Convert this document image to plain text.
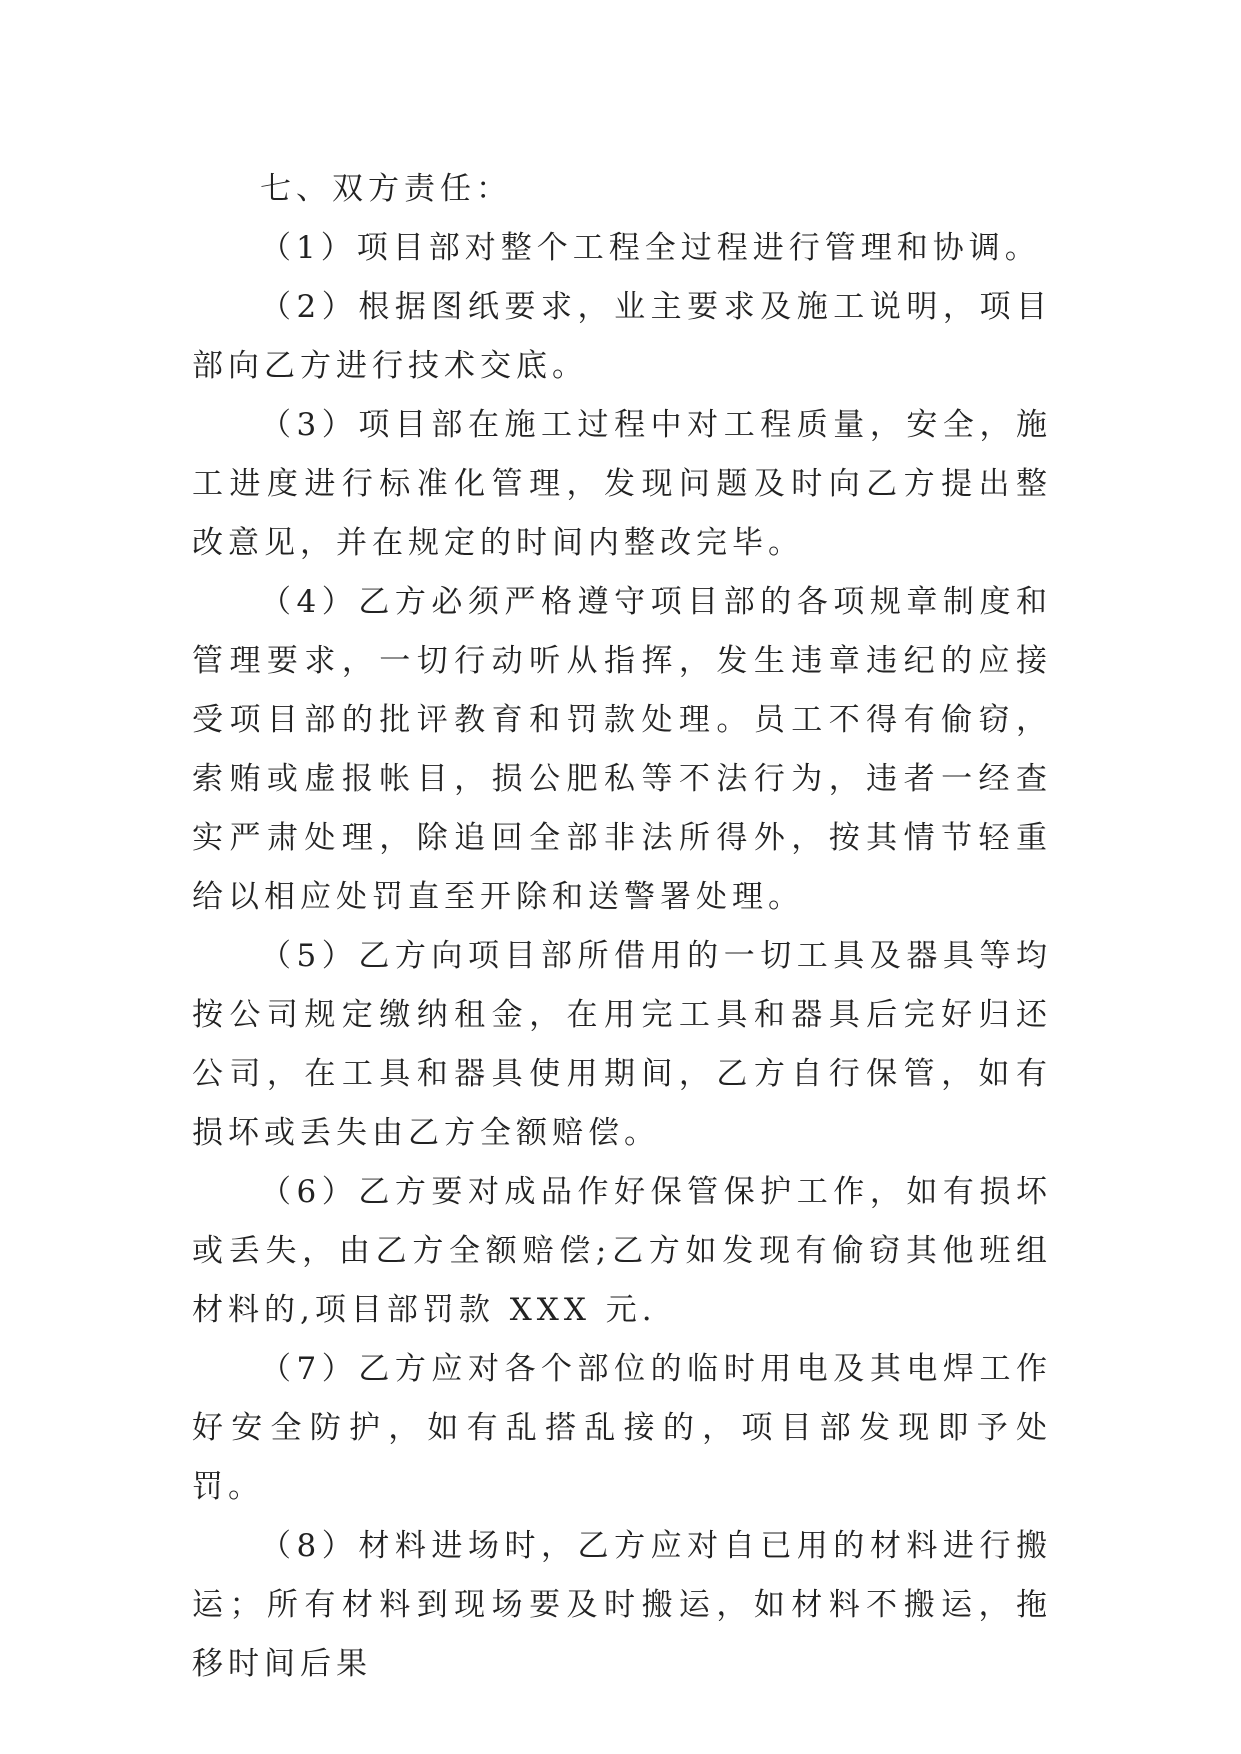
七、双方责任：

（1）项目部对整个工程全过程进行管理和协调。

（2）根据图纸要求，业主要求及施工说明，项目部向乙方进行技术交底。

（3）项目部在施工过程中对工程质量，安全，施工进度进行标准化管理，发现问题及时向乙方提出整改意见，并在规定的时间内整改完毕。

（4）乙方必须严格遵守项目部的各项规章制度和管理要求，一切行动听从指挥，发生违章违纪的应接受项目部的批评教育和罚款处理。员工不得有偷窃，索贿或虚报帐目，损公肥私等不法行为，违者一经查实严肃处理，除追回全部非法所得外，按其情节轻重给以相应处罚直至开除和送警署处理。

（5）乙方向项目部所借用的一切工具及器具等均按公司规定缴纳租金，在用完工具和器具后完好归还公司，在工具和器具使用期间，乙方自行保管，如有损坏或丢失由乙方全额赔偿。

（6）乙方要对成品作好保管保护工作，如有损坏或丢失，由乙方全额赔偿;乙方如发现有偷窃其他班组材料的,项目部罚款 XXX 元.

（7）乙方应对各个部位的临时用电及其电焊工作好安全防护，如有乱搭乱接的，项目部发现即予处罚。

（8）材料进场时，乙方应对自已用的材料进行搬运；所有材料到现场要及时搬运，如材料不搬运，拖移时间后果
